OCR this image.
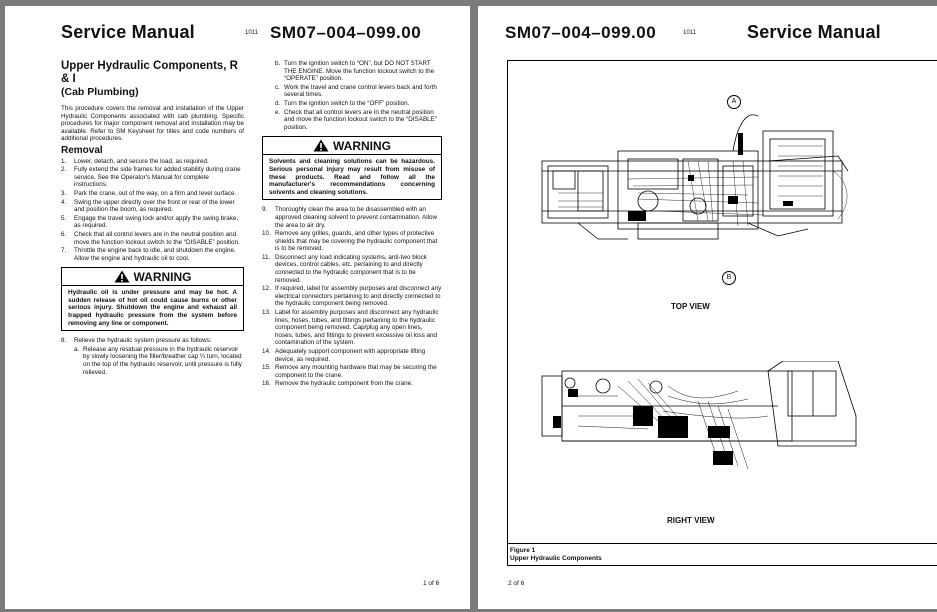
Service Manual	1011 SM07–004–099.00
Upper Hydraulic Components, R & I
(Cab Plumbing)

This procedure covers the removal and installation of the Upper Hydraulic Components associated with cab plumbing. Specific procedures for major component removal and installation may be available. Refer to SM Keysheet for titles and code numbers of additional procedures.

Removal
1. Lower, detach, and secure the load, as required.
2. Fully extend the side frames for added stability during crane service. See the Operator's Manual for complete instructions.
3. Park the crane, out of the way, on a firm and level surface.
4. Swing the upper directly over the front or rear of the lower and position the boom, as required.
5. Engage the travel swing lock and/or apply the swing brake, as required.
6. Check that all control levers are in the neutral position and move the function lockout switch to the “DISABLE” position.
7. Throttle the engine back to idle, and shutdown the engine. Allow the engine and hydraulic oil to cool.
WARNING
Hydraulic oil is under pressure and may be hot. A sudden release of hot oil could cause burns or other serious injury. Shutdown the engine and exhaust all trapped hydraulic pressure from the system before removing any line or component.
8. Relieve the hydraulic system pressure as follows:
a. Release any residual pressure in the hydraulic reservoir by slowly loosening the filler/breather cap ¼ turn, located on the top of the hydraulic reservoir, until pressure is fully relieved.
b. Turn the ignition switch to “ON”, but DO NOT START THE ENGINE. Move the function lockout switch to the “OPERATE” position.
c. Work the travel and crane control levers back and forth several times.
d. Turn the ignition switch to the “OFF” position.
e. Check that all control levers are in the neutral position and move the function lockout switch to the “DISABLE” position.
WARNING
Solvents and cleaning solutions can be hazardous. Serious personal injury may result from misuse of these products. Read and follow all the manufacturer's recommendations concerning solvents and cleaning solutions.
9. Thoroughly clean the area to be disassembled with an approved cleaning solvent to prevent contamination. Allow the area to air dry.
10. Remove any grilles, guards, and other types of protective shields that may be covering the hydraulic component that is to be removed.
11. Disconnect any load indicating systems, anti-two block devices, control cables, etc. pertaining to and directly connected to the hydraulic component that is to be removed.
12. If required, label for assembly purposes and disconnect any electrical connectors pertaining to and directly connected to the hydraulic component being removed.
13. Label for assembly purposes and disconnect any hydraulic lines, hoses, tubes, and fittings pertaining to the hydraulic component being removed. Cap/plug any open lines, hoses, tubes, and fittings to prevent excessive oil loss and contamination of the system.
14. Adequately support component with appropriate lifting device, as required.
15. Remove any mounting hardware that may be securing the component to the crane.
16. Remove the hydraulic component from the crane.
1 of 6
SM07–004–099.00	1011	Service Manual
A
B
TOP VIEW
RIGHT VIEW
Figure 1
Upper Hydraulic Components
2 of 6
